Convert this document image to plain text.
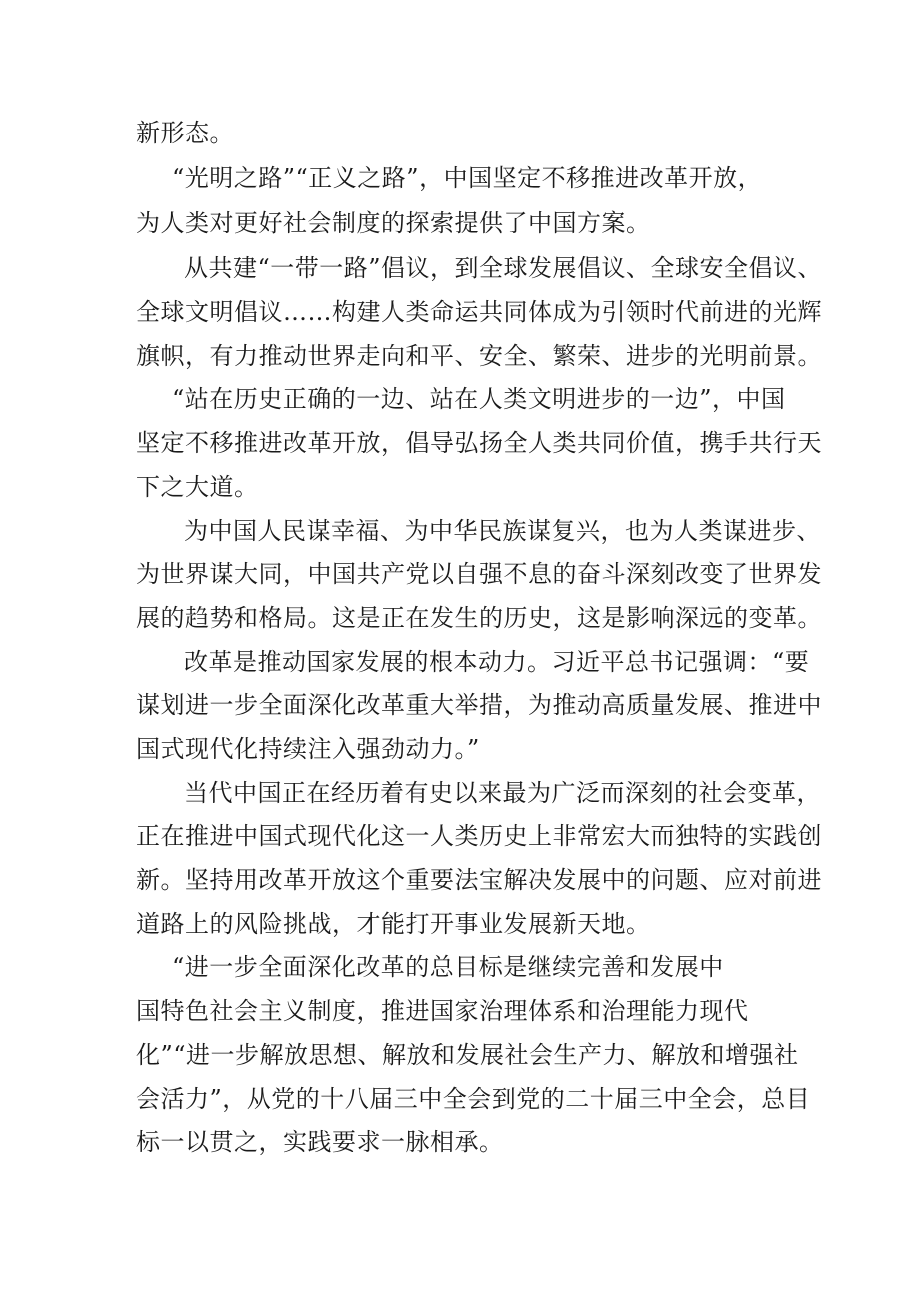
新形态。

“光明之路”“正义之路”，中国坚定不移推进改革开放，

为人类对更好社会制度的探索提供了中国方案。

从共建“一带一路”倡议，到全球发展倡议、全球安全倡议、

全球文明倡议……构建人类命运共同体成为引领时代前进的光辉

旗帜，有力推动世界走向和平、安全、繁荣、进步的光明前景。

“站在历史正确的一边、站在人类文明进步的一边”，中国

坚定不移推进改革开放，倡导弘扬全人类共同价值，携手共行天

下之大道。

为中国人民谋幸福、为中华民族谋复兴，也为人类谋进步、

为世界谋大同，中国共产党以自强不息的奋斗深刻改变了世界发

展的趋势和格局。这是正在发生的历史，这是影响深远的变革。

改革是推动国家发展的根本动力。习近平总书记强调：“要

谋划进一步全面深化改革重大举措，为推动高质量发展、推进中

国式现代化持续注入强劲动力。”

当代中国正在经历着有史以来最为广泛而深刻的社会变革，

正在推进中国式现代化这一人类历史上非常宏大而独特的实践创

新。坚持用改革开放这个重要法宝解决发展中的问题、应对前进

道路上的风险挑战，才能打开事业发展新天地。

“进一步全面深化改革的总目标是继续完善和发展中

国特色社会主义制度，推进国家治理体系和治理能力现代

化”“进一步解放思想、解放和发展社会生产力、解放和增强社

会活力”，从党的十八届三中全会到党的二十届三中全会，总目

标一以贯之，实践要求一脉相承。
